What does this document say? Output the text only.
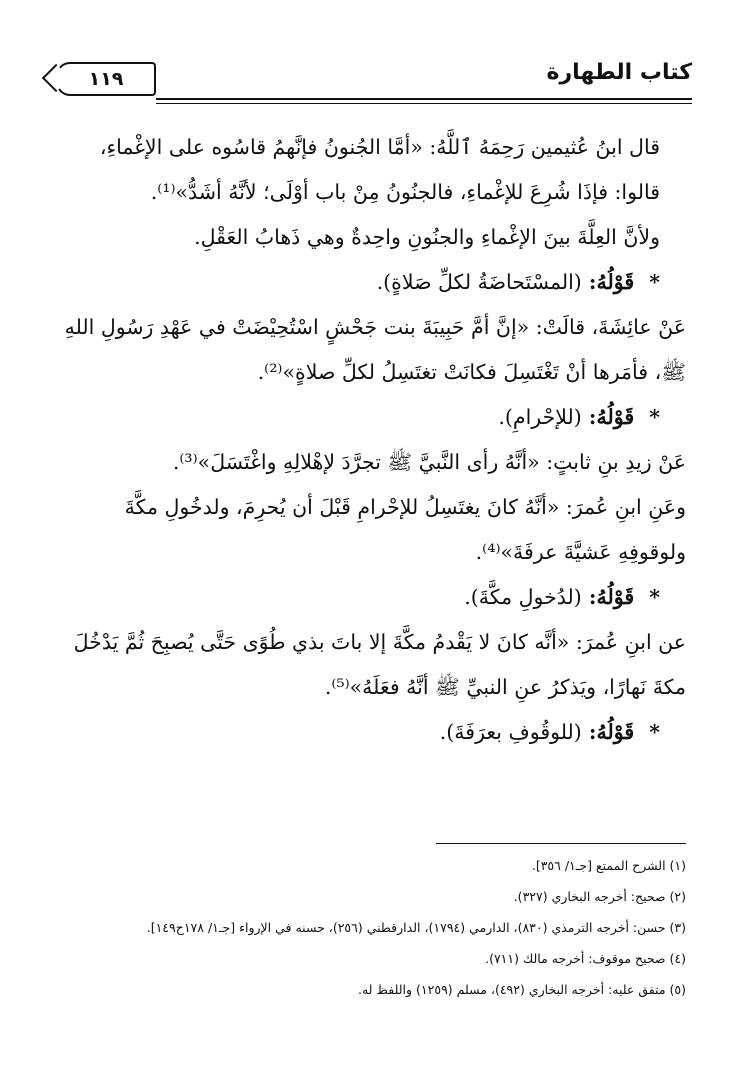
١١٩	كتاب الطهارة

قال ابنُ عُثيمين رَحِمَهُ ٱللَّهُ: «أمَّا الجُنونُ فإنَّهمُ قاسُوه على الإغْماءِ، قالوا: فإذَا شُرِعَ للإغْماءِ، فالجنُونُ مِنْ باب أوْلَى؛ لأنَّهُ أشَدُّ»⁽¹⁾.

ولأنَّ العِلَّةَ بينَ الإغْماءِ والجنُونِ واحِدةٌ وهي ذَهابُ العَقْلِ.

* قَوْلُهُ: (المسْتَحاضَةُ لكلِّ صَلاةٍ).

عَنْ عائِشَةَ، قالَتْ: «إنَّ أمَّ حَبِيبَةَ بنت جَحْشٍ اسْتُحِيْضَتْ في عَهْدِ رَسُولِ اللهِ ﷺ، فأمَرها أنْ تَغْتَسِلَ فكانَتْ تغتَسِلُ لكلِّ صلاةٍ»⁽²⁾.

* قَوْلُهُ: (للإحْرامِ).

عَنْ زيدِ بنِ ثابتٍ: «أنَّهُ رأى النَّبيَّ ﷺ تجرَّدَ لإهْلالِهِ واغْتَسَلَ»⁽³⁾.

وعَنِ ابنِ عُمرَ: «أنَّهُ كانَ يغتَسِلُ للإحْرامِ قَبْلَ أن يُحرِمَ، ولدخُولِ مكَّةَ ولوقوفِهِ عَشيَّةَ عرفَةَ»⁽⁴⁾.

* قَوْلُهُ: (لدُخولِ مكَّةَ).

عن ابنِ عُمرَ: «أنَّه كانَ لا يَقْدمُ مكَّةَ إلا باتَ بذي طُوًى حَتَّى يُصبِحَ ثُمَّ يَدْخُلَ مكةَ نَهارًا، ويَذكرُ عنِ النبيِّ ﷺ أنَّهُ فعَلَهُ»⁽⁵⁾.

* قَوْلُهُ: (للوقُوفِ بعرَفَةَ).

(١) الشرح الممتع [جـ١/ ٣٥٦].

(٢) صحيح: أخرجه البخاري (٣٢٧).

(٣) حسن: أخرجه الترمذي (٨٣٠)، الدارمي (١٧٩٤)، الدارقطني (٢٥٦)، حسنه في الإرواء [جـ١/ ١٧٨ح١٤٩].

(٤) صحيح موقوف: أخرجه مالك (٧١١).

(٥) متفق عليه: أخرجه البخاري (٤٩٢)، مسلم (١٢٥٩) واللفظ له.
